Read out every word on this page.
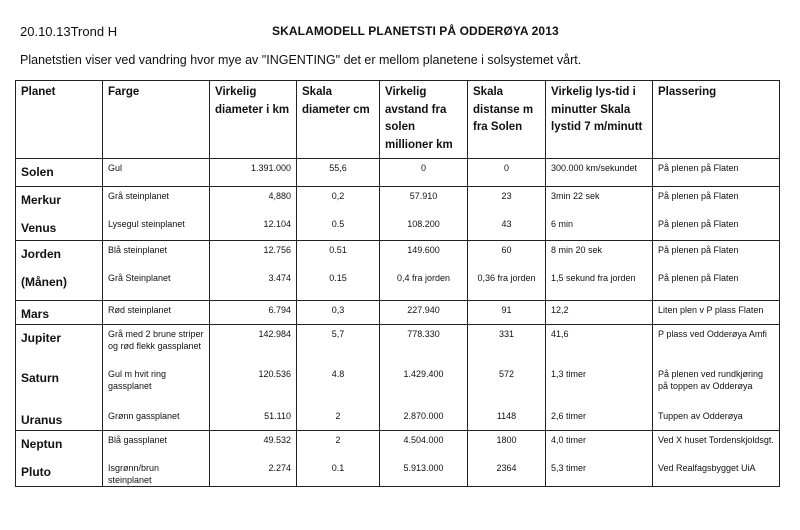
20.10.13Trond H	SKALAMODELL PLANETSTI PÅ ODDERØYA 2013
Planetstien viser ved vandring hvor mye av "INGENTING" det er mellom planetene i solsystemet vårt.
Planet	Farge	Virkelig diameter i km	Skala diameter cm	Virkelig avstand fra solen millioner km	Skala distanse m fra Solen	Virkelig lys-tid i minutter Skala lystid 7 m/minutt	Plassering
Solen	Gul	1.391.000	55,6	0	0	300.000 km/sekundet	På plenen på Flaten
Merkur	Grå steinplanet	4,880	0,2	57.910	23	3min 22 sek	På plenen på Flaten
Venus	Lysegul steinplanet	12.104	0.5	108.200	43	6 min	På plenen på Flaten
Jorden	Blå steinplanet	12.756	0.51	149.600	60	8 min 20 sek	På plenen på Flaten
(Månen)	Grå Steinplanet	3.474	0.15	0,4 fra jorden	0,36 fra jorden	1,5 sekund fra jorden	På plenen på Flaten
Mars	Rød steinplanet	6.794	0,3	227.940	91	12,2	Liten plen v P plass Flaten
Jupiter	Grå med 2 brune striper og rød flekk gassplanet	142.984	5,7	778.330	331	41,6	P plass ved Odderøya Amfi
Saturn	Gul m hvit ring gassplanet	120.536	4.8	1.429.400	572	1,3 timer	På plenen ved rundkjøring på toppen av Odderøya
Uranus	Grønn gassplanet	51.110	2	2.870.000	1148	2,6 timer	Tuppen av Odderøya
Neptun	Blå gassplanet	49.532	2	4.504.000	1800	4,0 timer	Ved X huset Tordenskjoldsgt.
Pluto	Isgrønn/brun steinplanet	2.274	0.1	5.913.000	2364	5,3 timer	Ved Realfagsbygget UiA
